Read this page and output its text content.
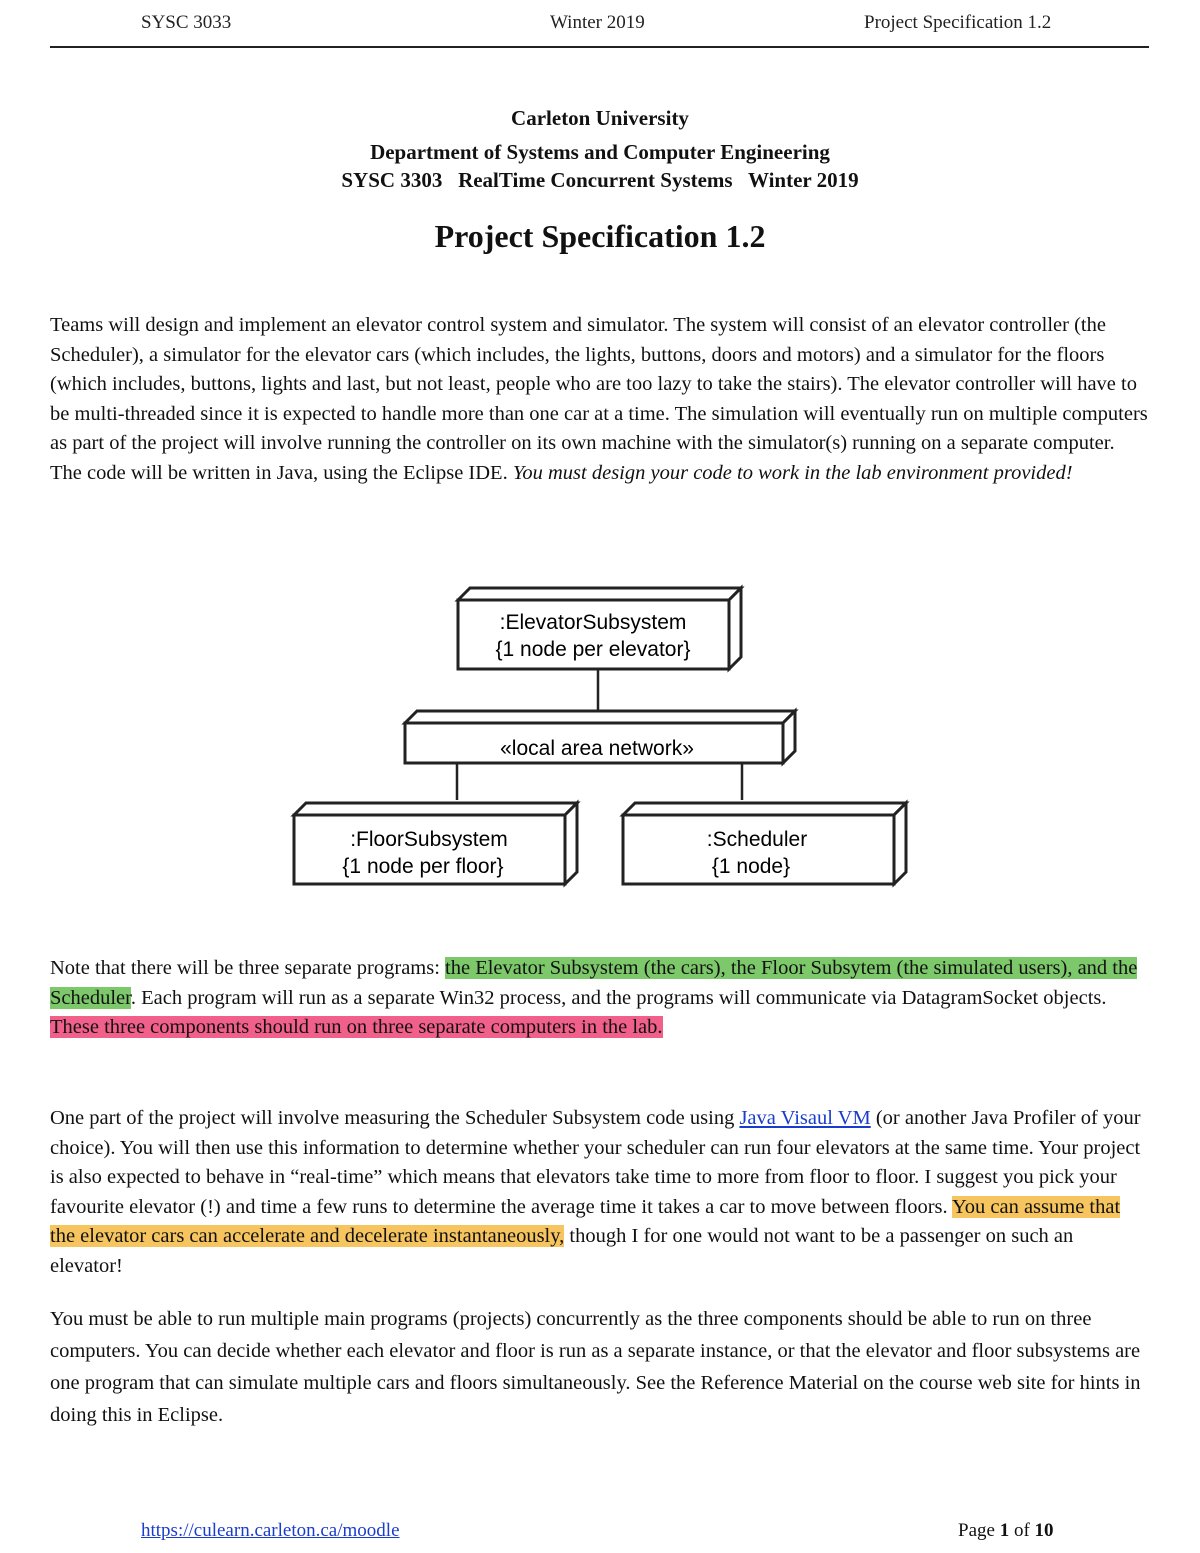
SYSC 3033	Winter 2019	Project Specification 1.2
Carleton University
Department of Systems and Computer Engineering
SYSC 3303   RealTime Concurrent Systems   Winter 2019
Project Specification 1.2
Teams will design and implement an elevator control system and simulator. The system will consist of an elevator controller (the Scheduler), a simulator for the elevator cars (which includes, the lights, buttons, doors and motors) and a simulator for the floors (which includes, buttons, lights and last, but not least, people who are too lazy to take the stairs). The elevator controller will have to be multi-threaded since it is expected to handle more than one car at a time. The simulation will eventually run on multiple computers as part of the project will involve running the controller on its own machine with the simulator(s) running on a separate computer. The code will be written in Java, using the Eclipse IDE. You must design your code to work in the lab environment provided!
:ElevatorSubsystem
{1 node per elevator}
«local area network»
:FloorSubsystem
{1 node per floor}
:Scheduler
{1 node}
Note that there will be three separate programs: the Elevator Subsystem (the cars), the Floor Subsytem (the simulated users), and the Scheduler. Each program will run as a separate Win32 process, and the programs will communicate via DatagramSocket objects. These three components should run on three separate computers in the lab.
One part of the project will involve measuring the Scheduler Subsystem code using Java Visaul VM (or another Java Profiler of your choice). You will then use this information to determine whether your scheduler can run four elevators at the same time. Your project is also expected to behave in “real-time” which means that elevators take time to more from floor to floor. I suggest you pick your favourite elevator (!) and time a few runs to determine the average time it takes a car to move between floors. You can assume that the elevator cars can accelerate and decelerate instantaneously, though I for one would not want to be a passenger on such an elevator!
You must be able to run multiple main programs (projects) concurrently as the three components should be able to run on three computers. You can decide whether each elevator and floor is run as a separate instance, or that the elevator and floor subsystems are one program that can simulate multiple cars and floors simultaneously. See the Reference Material on the course web site for hints in doing this in Eclipse.
https://culearn.carleton.ca/moodle	Page 1 of 10
